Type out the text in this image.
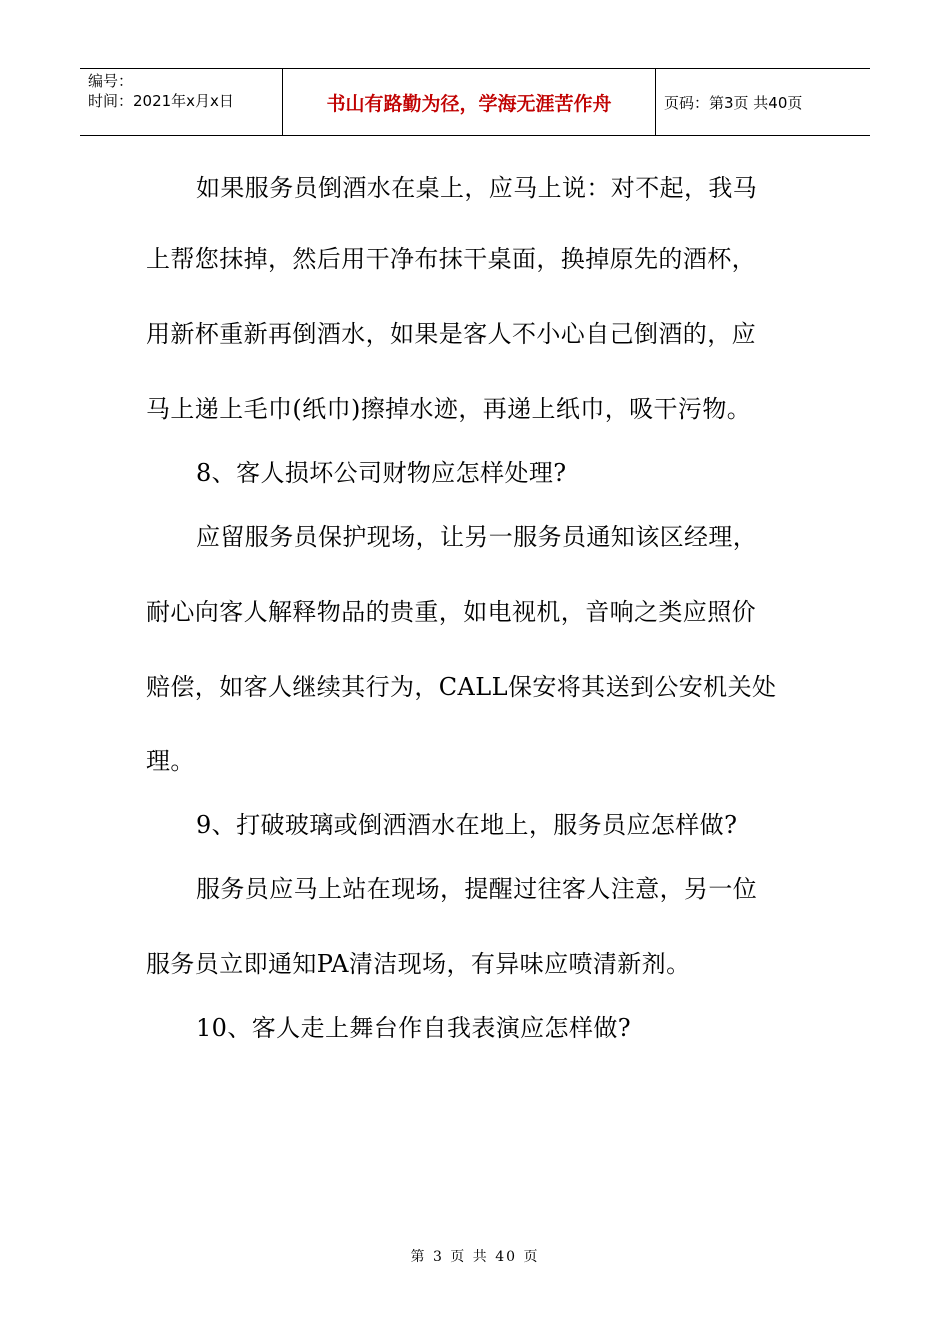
编号：
时间：2021年x月x日	书山有路勤为径，学海无涯苦作舟	页码：第3页 共40页
如果服务员倒酒水在桌上，应马上说：对不起，我马
上帮您抹掉，然后用干净布抹干桌面，换掉原先的酒杯，
用新杯重新再倒酒水，如果是客人不小心自己倒酒的，应
马上递上毛巾(纸巾)擦掉水迹，再递上纸巾，吸干污物。
8、客人损坏公司财物应怎样处理?
应留服务员保护现场，让另一服务员通知该区经理，
耐心向客人解释物品的贵重，如电视机，音响之类应照价
赔偿，如客人继续其行为，CALL保安将其送到公安机关处
理。
9、打破玻璃或倒洒酒水在地上，服务员应怎样做?
服务员应马上站在现场，提醒过往客人注意，另一位
服务员立即通知PA清洁现场，有异味应喷清新剂。
10、客人走上舞台作自我表演应怎样做?
第 3 页 共 40 页
